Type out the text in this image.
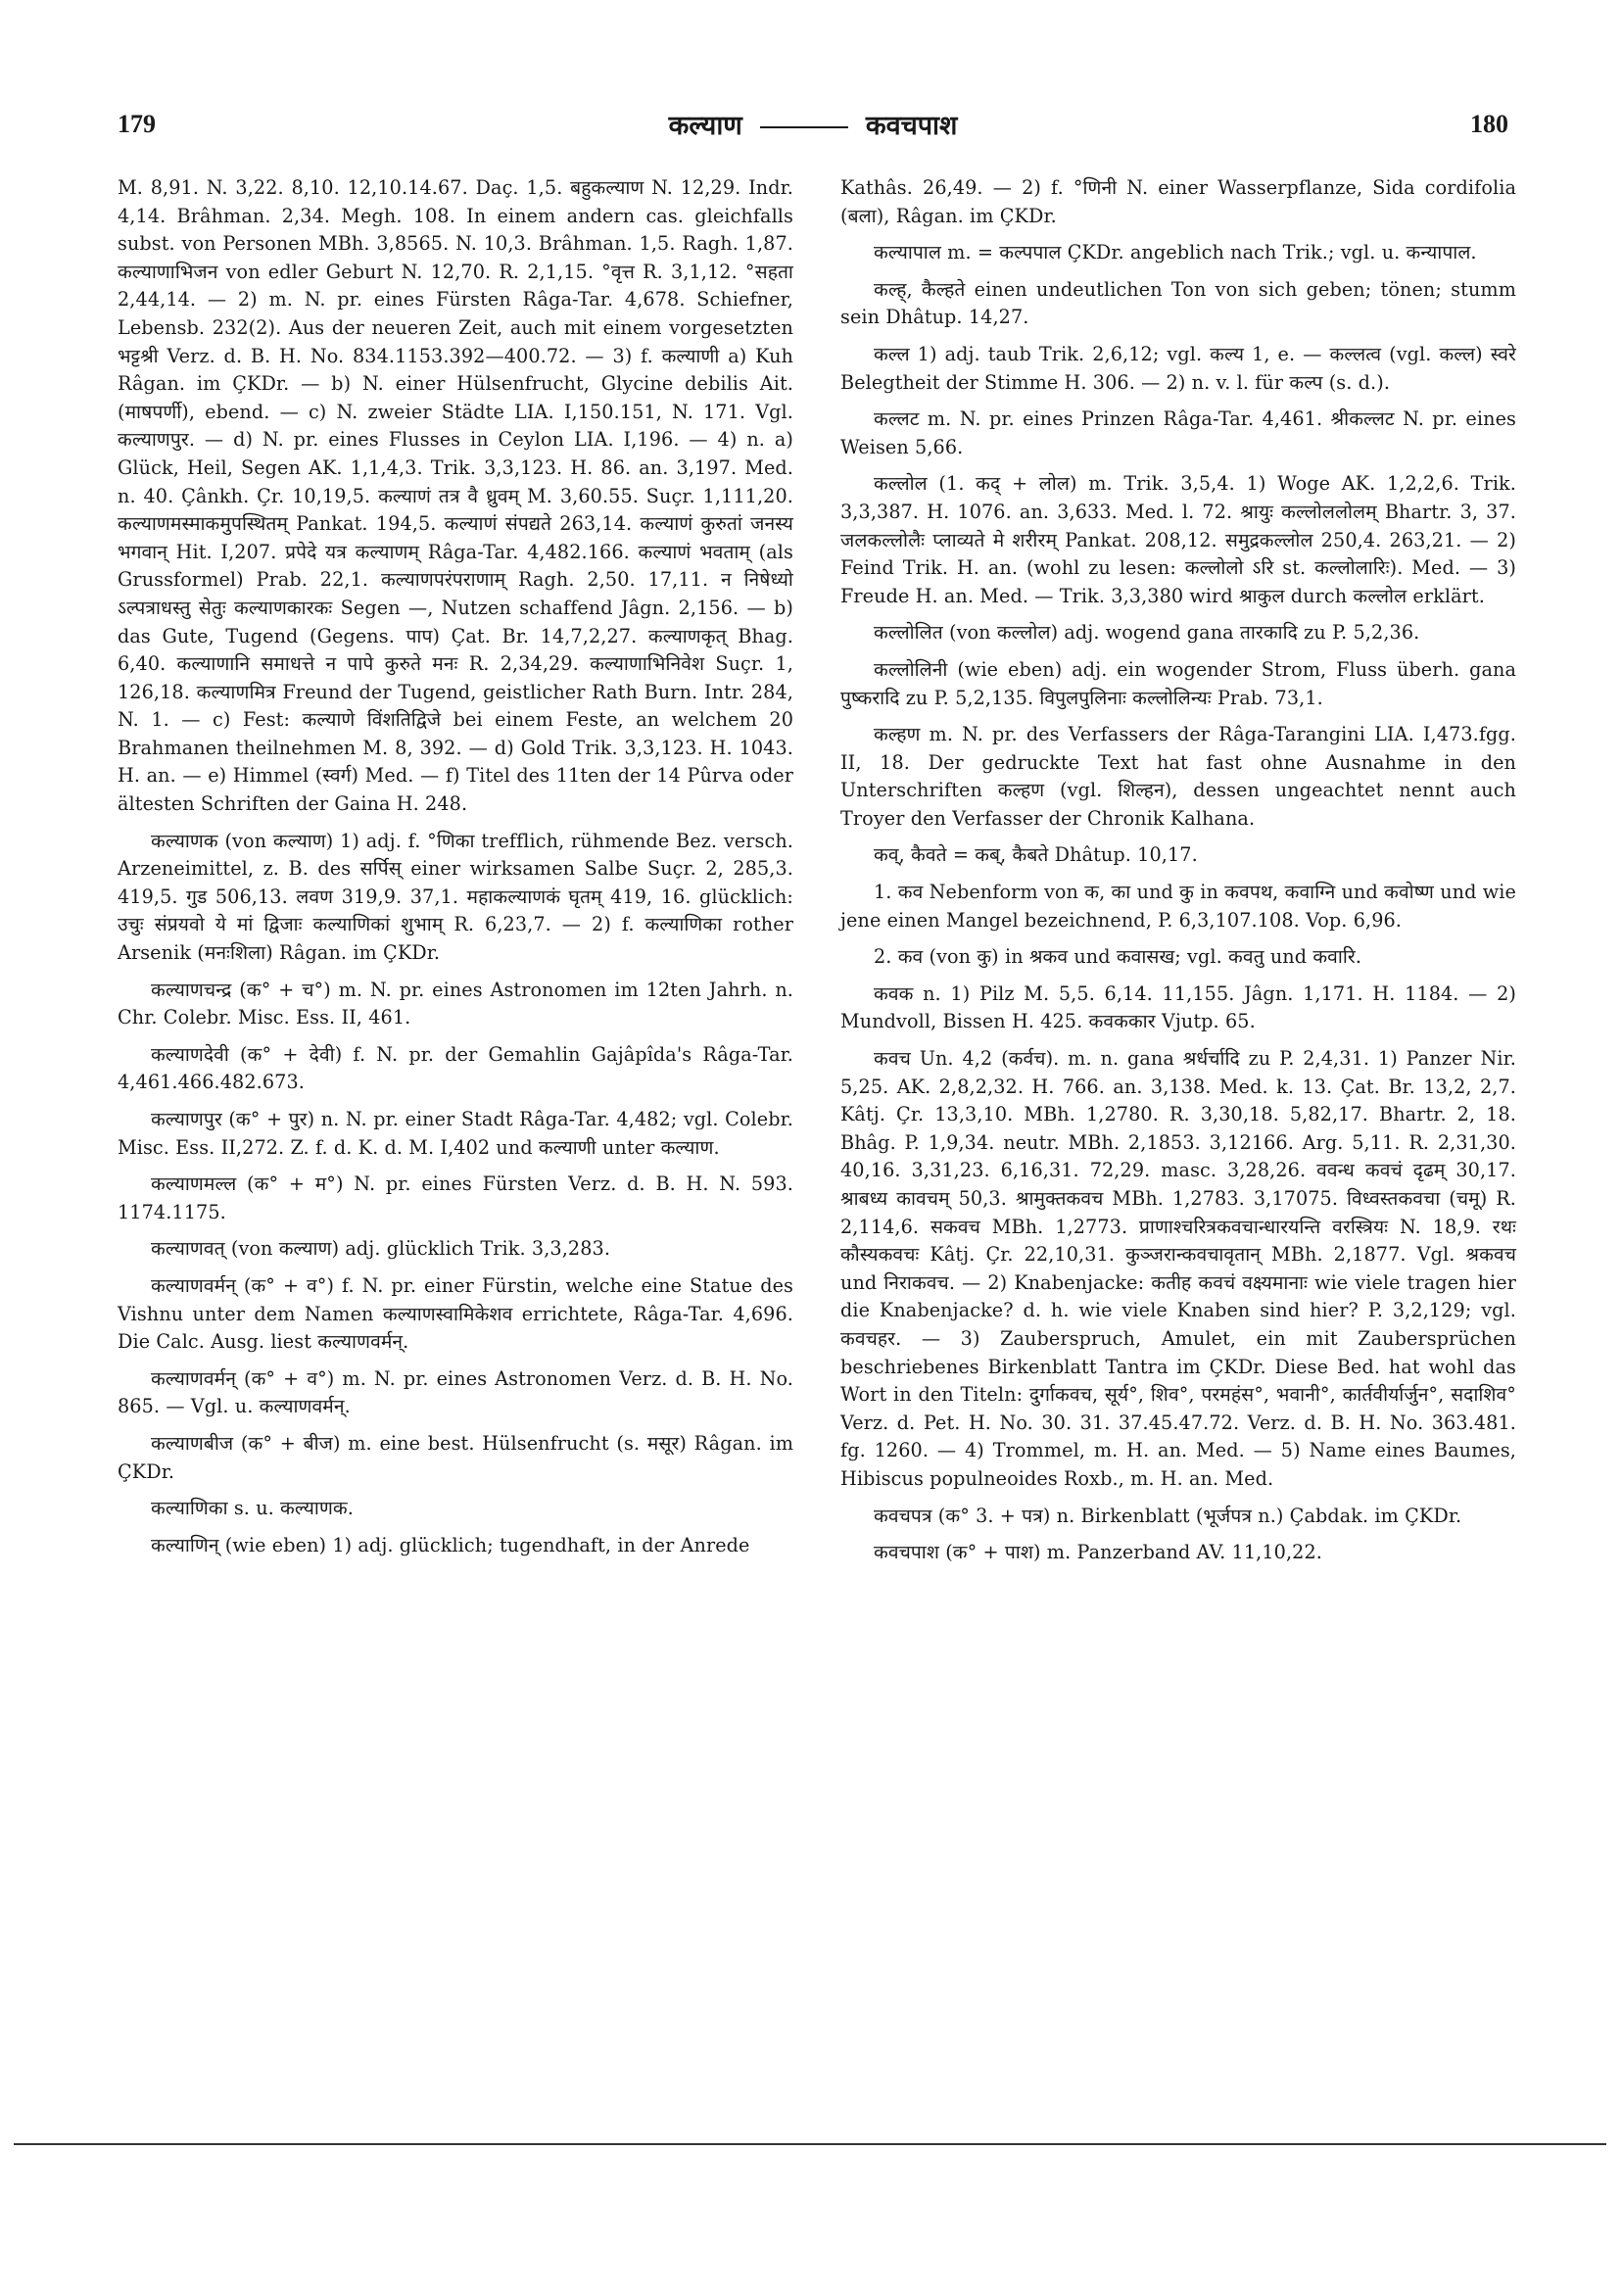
179	कल्याण	कवचपाश	180

M. 8,91. N. 3,22. 8,10. 12,10.14.67. Daç. 1,5. बहुकल्याण N. 12,29. Indr. 4,14. Brâhman. 2,34. Megh. 108. In einem andern cas. gleichfalls subst. von Personen MBh. 3,8565. N. 10,3. Brâhman. 1,5. Ragh. 1,87. कल्याणाभिजन von edler Geburt N. 12,70. R. 2,1,15. °वृत्त R. 3,1,12. °सहता 2,44,14. — 2) m. N. pr. eines Fürsten Râga-Tar. 4,678. Schiefner, Lebensb. 232(2). Aus der neueren Zeit, auch mit einem vorgesetzten भट्टश्री Verz. d. B. H. No. 834.1153.392—400.72. — 3) f. कल्याणी a) Kuh Râgan. im ÇKDr. — b) N. einer Hülsenfrucht, Glycine debilis Ait. (माषपर्णी), ebend. — c) N. zweier Städte LIA. I,150.151, N. 171. Vgl. कल्याणपुर. — d) N. pr. eines Flusses in Ceylon LIA. I,196. — 4) n. a) Glück, Heil, Segen AK. 1,1,4,3. Trik. 3,3,123. H. 86. an. 3,197. Med. n. 40. Çânkh. Çr. 10,19,5. कल्याणं तत्र वै ध्रुवम् M. 3,60.55. Suçr. 1,111,20. कल्याणमस्माकमुपस्थितम् Pankat. 194,5. कल्याणं संपद्यते 263,14. कल्याणं कुरुतां जनस्य भगवान् Hit. I,207. प्रपेदे यत्र कल्याणम् Râga-Tar. 4,482.166. कल्याणं भवताम् (als Grussformel) Prab. 22,1. कल्याणपरंपराणाम् Ragh. 2,50. 17,11. न निषेध्यो ऽल्पत्राधस्तु सेतुः कल्याणकारकः Segen —, Nutzen schaffend Jâgn. 2,156. — b) das Gute, Tugend (Gegens. पाप) Çat. Br. 14,7,2,27. कल्याणकृत् Bhag. 6,40. कल्याणानि समाधत्ते न पापे कुरुते मनः R. 2,34,29. कल्याणाभिनिवेश Suçr. 1, 126,18. कल्याणमित्र Freund der Tugend, geistlicher Rath Burn. Intr. 284, N. 1. — c) Fest: कल्याणे विंशतिद्विजे bei einem Feste, an welchem 20 Brahmanen theilnehmen M. 8, 392. — d) Gold Trik. 3,3,123. H. 1043. H. an. — e) Himmel (स्वर्ग) Med. — f) Titel des 11ten der 14 Pûrva oder ältesten Schriften der Gaina H. 248.

कल्याणक (von कल्याण) 1) adj. f. °णिका trefflich, rühmende Bez. versch. Arzeneimittel, z. B. des सर्पिस् einer wirksamen Salbe Suçr. 2, 285,3. 419,5. गुड 506,13. लवण 319,9. 37,1. महाकल्याणकं घृतम् 419, 16. glücklich: उचुः संप्रयवो ये मां द्विजाः कल्याणिकां शुभाम् R. 6,23,7. — 2) f. कल्याणिका rother Arsenik (मनःशिला) Râgan. im ÇKDr.

कल्याणचन्द्र (क° + च°) m. N. pr. eines Astronomen im 12ten Jahrh. n. Chr. Colebr. Misc. Ess. II, 461.

कल्याणदेवी (क° + देवी) f. N. pr. der Gemahlin Gajâpîda's Râga-Tar. 4,461.466.482.673.

कल्याणपुर (क° + पुर) n. N. pr. einer Stadt Râga-Tar. 4,482; vgl. Colebr. Misc. Ess. II,272. Z. f. d. K. d. M. I,402 und कल्याणी unter कल्याण.

कल्याणमल्ल (क° + म°) N. pr. eines Fürsten Verz. d. B. H. N. 593. 1174.1175.

कल्याणवत् (von कल्याण) adj. glücklich Trik. 3,3,283.

कल्याणवर्मन् (क° + व°) f. N. pr. einer Fürstin, welche eine Statue des Vishnu unter dem Namen कल्याणस्वामिकेशव errichtete, Râga-Tar. 4,696. Die Calc. Ausg. liest कल्याणवर्मन्.

कल्याणवर्मन् (क° + व°) m. N. pr. eines Astronomen Verz. d. B. H. No. 865. — Vgl. u. कल्याणवर्मन्.

कल्याणबीज (क° + बीज) m. eine best. Hülsenfrucht (s. मसूर) Râgan. im ÇKDr.

कल्याणिका s. u. कल्याणक.

कल्याणिन् (wie eben) 1) adj. glücklich; tugendhaft, in der Anrede

Kathâs. 26,49. — 2) f. °णिनी N. einer Wasserpflanze, Sida cordifolia (बला), Râgan. im ÇKDr.

कल्यापाल m. = कल्पपाल ÇKDr. angeblich nach Trik.; vgl. u. कन्यापाल.

कल्ह्, कैल्हते einen undeutlichen Ton von sich geben; tönen; stumm sein Dhâtup. 14,27.

कल्ल 1) adj. taub Trik. 2,6,12; vgl. कल्य 1, e. — कल्लत्व (vgl. कल्ल) स्वरे Belegtheit der Stimme H. 306. — 2) n. v. l. für कल्प (s. d.).

कल्लट m. N. pr. eines Prinzen Râga-Tar. 4,461. श्रीकल्लट N. pr. eines Weisen 5,66.

कल्लोल (1. कद् + लोल) m. Trik. 3,5,4. 1) Woge AK. 1,2,2,6. Trik. 3,3,387. H. 1076. an. 3,633. Med. l. 72. श्रायुः कल्लोललोलम् Bhartr. 3, 37. जलकल्लोलैः प्लाव्यते मे शरीरम् Pankat. 208,12. समुद्रकल्लोल 250,4. 263,21. — 2) Feind Trik. H. an. (wohl zu lesen: कल्लोलो ऽरि st. कल्लोलारिः). Med. — 3) Freude H. an. Med. — Trik. 3,3,380 wird श्राकुल durch कल्लोल erklärt.

कल्लोलित (von कल्लोल) adj. wogend gana तारकादि zu P. 5,2,36.

कल्लोलिनी (wie eben) adj. ein wogender Strom, Fluss überh. gana पुष्करादि zu P. 5,2,135. विपुलपुलिनाः कल्लोलिन्यः Prab. 73,1.

कल्हण m. N. pr. des Verfassers der Râga-Tarangini LIA. I,473.fgg. II, 18. Der gedruckte Text hat fast ohne Ausnahme in den Unterschriften कल्हण (vgl. शिल्हन), dessen ungeachtet nennt auch Troyer den Verfasser der Chronik Kalhana.

कव्, कैवते = कब्, कैबते Dhâtup. 10,17.

1. कव Nebenform von क, का und कु in कवपथ, कवाग्नि und कवोष्ण und wie jene einen Mangel bezeichnend, P. 6,3,107.108. Vop. 6,96.

2. कव (von कु) in श्रकव und कवासख; vgl. कवतु und कवारि.

कवक n. 1) Pilz M. 5,5. 6,14. 11,155. Jâgn. 1,171. H. 1184. — 2) Mundvoll, Bissen H. 425. कवककार Vjutp. 65.

कवच Un. 4,2 (कर्वच). m. n. gana श्रर्धर्चादि zu P. 2,4,31. 1) Panzer Nir. 5,25. AK. 2,8,2,32. H. 766. an. 3,138. Med. k. 13. Çat. Br. 13,2, 2,7. Kâtj. Çr. 13,3,10. MBh. 1,2780. R. 3,30,18. 5,82,17. Bhartr. 2, 18. Bhâg. P. 1,9,34. neutr. MBh. 2,1853. 3,12166. Arg. 5,11. R. 2,31,30. 40,16. 3,31,23. 6,16,31. 72,29. masc. 3,28,26. ववन्ध कवचं दृढम् 30,17. श्राबध्य कावचम् 50,3. श्रामुक्तकवच MBh. 1,2783. 3,17075. विध्वस्तकवचा (चमू) R. 2,114,6. सकवच MBh. 1,2773. प्राणाश्चरित्रकवचान्धारयन्ति वरस्त्रियः N. 18,9. रथः कौस्यकवचः Kâtj. Çr. 22,10,31. कुञ्जरान्कवचावृतान् MBh. 2,1877. Vgl. श्रकवच und निराकवच. — 2) Knabenjacke: कतीह कवचं वक्ष्यमानाः wie viele tragen hier die Knabenjacke? d. h. wie viele Knaben sind hier? P. 3,2,129; vgl. कवचहर. — 3) Zauberspruch, Amulet, ein mit Zaubersprüchen beschriebenes Birkenblatt Tantra im ÇKDr. Diese Bed. hat wohl das Wort in den Titeln: दुर्गाकवच, सूर्य°, शिव°, परमहंस°, भवानी°, कार्तवीर्यार्जुन°, सदाशिव° Verz. d. Pet. H. No. 30. 31. 37.45.47.72. Verz. d. B. H. No. 363.481. fg. 1260. — 4) Trommel, m. H. an. Med. — 5) Name eines Baumes, Hibiscus populneoides Roxb., m. H. an. Med.

कवचपत्र (क° 3. + पत्र) n. Birkenblatt (भूर्जपत्र n.) Çabdak. im ÇKDr.

कवचपाश (क° + पाश) m. Panzerband AV. 11,10,22.
